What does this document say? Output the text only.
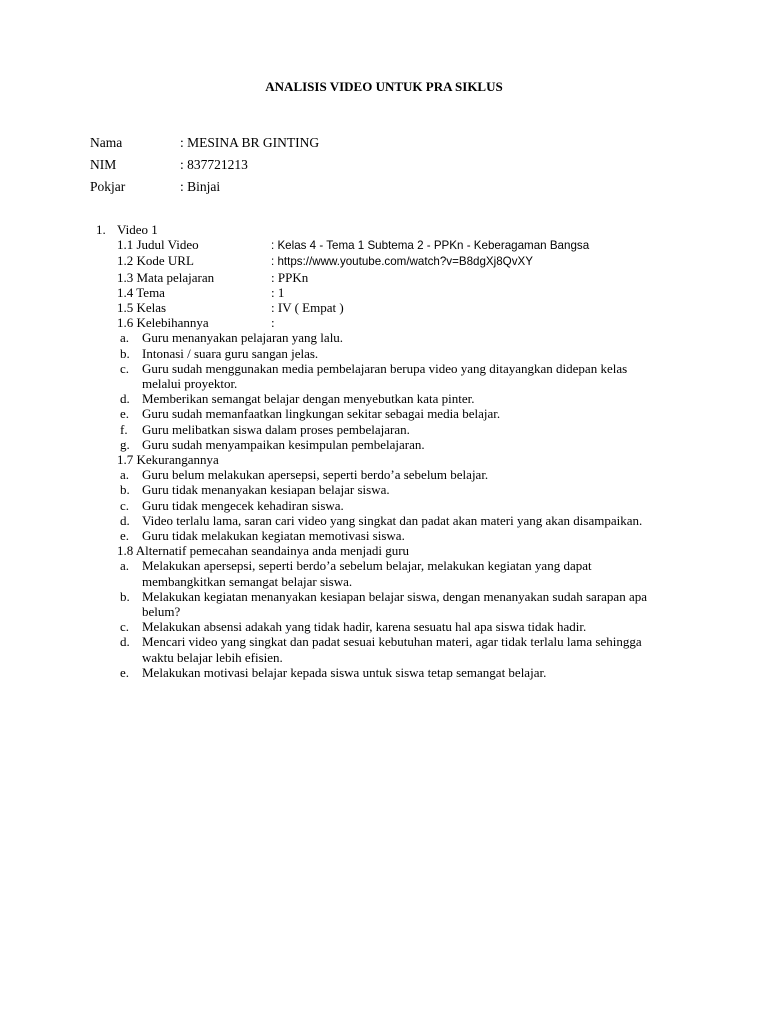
ANALISIS VIDEO UNTUK PRA SIKLUS
Nama	: MESINA BR GINTING
NIM	: 837721213
Pokjar	: Binjai
1. Video 1
1.1 Judul Video	: Kelas 4 - Tema 1 Subtema 2 - PPKn - Keberagaman Bangsa
1.2 Kode URL	: https://www.youtube.com/watch?v=B8dgXj8QvXY
1.3 Mata pelajaran	: PPKn
1.4 Tema	: 1
1.5 Kelas	: IV ( Empat )
1.6 Kelebihannya	:
a. Guru menanyakan pelajaran yang lalu.
b. Intonasi / suara guru sangan jelas.
c. Guru sudah menggunakan media pembelajaran berupa video yang ditayangkan didepan kelas melalui proyektor.
d. Memberikan semangat belajar dengan menyebutkan kata pinter.
e. Guru sudah memanfaatkan lingkungan sekitar sebagai media belajar.
f.	Guru melibatkan siswa dalam proses pembelajaran.
g. Guru sudah menyampaikan kesimpulan pembelajaran.
1.7 Kekurangannya
a. Guru belum melakukan apersepsi, seperti berdo’a sebelum belajar.
b. Guru tidak menanyakan kesiapan belajar siswa.
c. Guru tidak mengecek kehadiran siswa.
d. Video terlalu lama, saran cari video yang singkat dan padat akan materi yang akan disampaikan.
e. Guru tidak melakukan kegiatan memotivasi siswa.
1.8 Alternatif pemecahan seandainya anda menjadi guru
a. Melakukan apersepsi, seperti berdo’a sebelum belajar, melakukan kegiatan yang dapat membangkitkan semangat belajar siswa.
b. Melakukan kegiatan menanyakan kesiapan belajar siswa, dengan menanyakan sudah sarapan apa belum?
c. Melakukan absensi adakah yang tidak hadir, karena sesuatu hal apa siswa tidak hadir.
d. Mencari video yang singkat dan padat sesuai kebutuhan materi, agar tidak terlalu lama sehingga waktu belajar lebih efisien.
e. Melakukan motivasi belajar kepada siswa untuk siswa tetap semangat belajar.
